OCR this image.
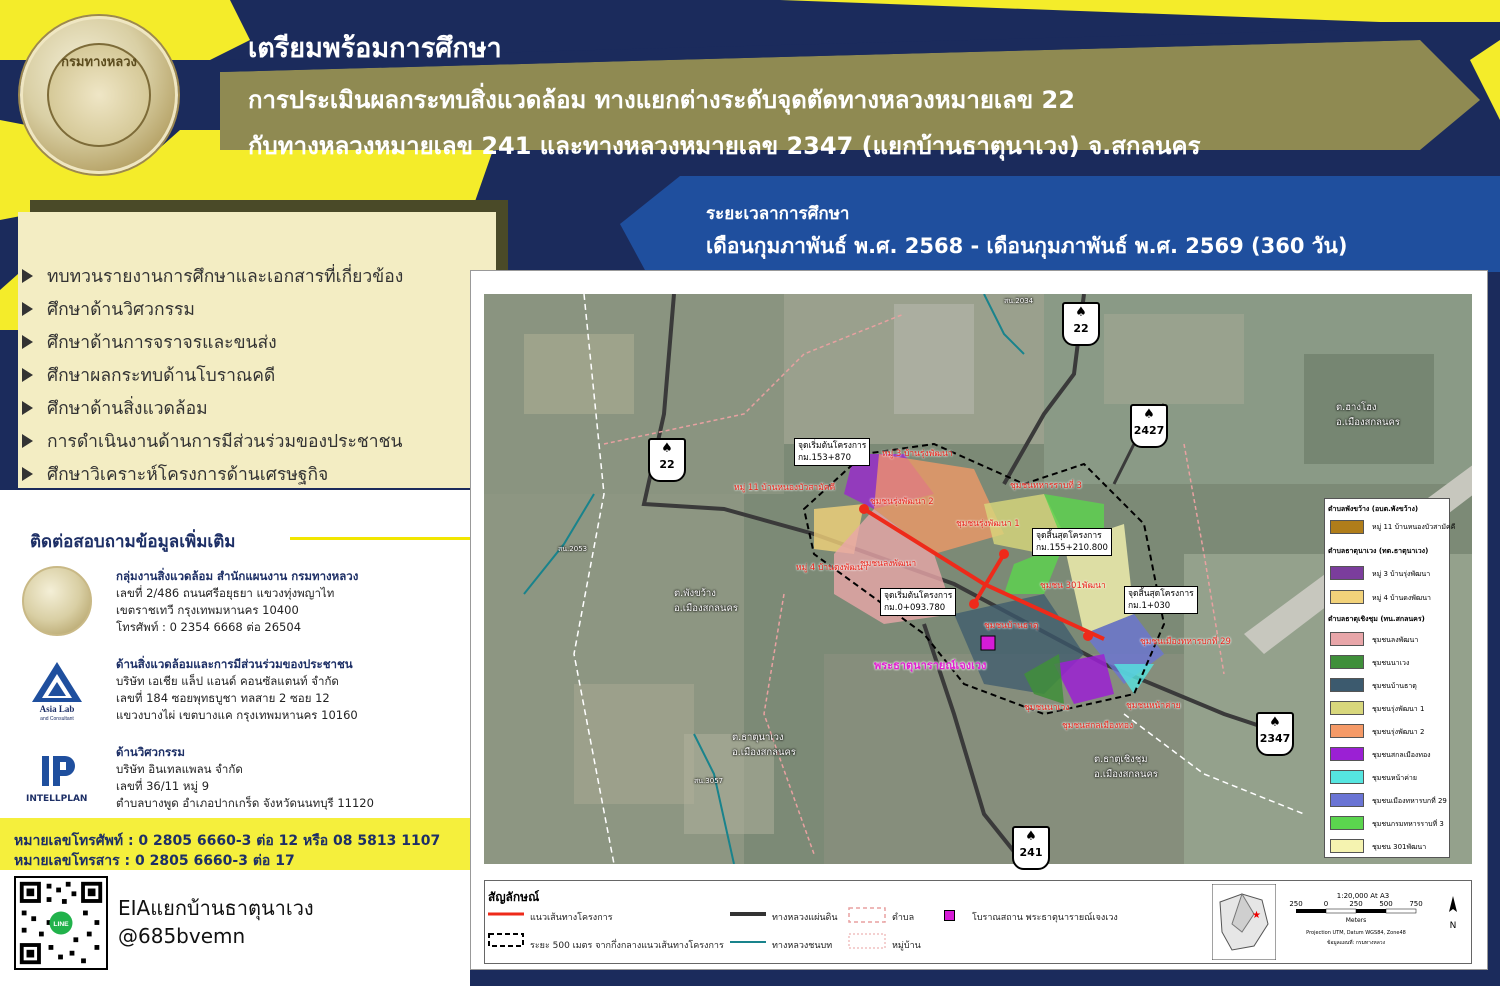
กรมทางหลวง	เตรียมพร้อมการศึกษา
การประเมินผลกระทบสิ่งแวดล้อม ทางแยกต่างระดับจุดตัดทางหลวงหมายเลข 22
กับทางหลวงหมายเลข 241 และทางหลวงหมายเลข 2347 (แยกบ้านธาตุนาเวง) จ.สกลนคร
ระยะเวลาการศึกษา
เดือนกุมภาพันธ์ พ.ศ. 2568 - เดือนกุมภาพันธ์ พ.ศ. 2569 (360 วัน)
ทบทวนรายงานการศึกษาและเอกสารที่เกี่ยวข้อง
ศึกษาด้านวิศวกรรม
ศึกษาด้านการจราจรและขนส่ง
ศึกษาผลกระทบด้านโบราณคดี
ศึกษาด้านสิ่งแวดล้อม
การดำเนินงานด้านการมีส่วนร่วมของประชาชน
ศึกษาวิเคราะห์โครงการด้านเศรษฐกิจ
ติดต่อสอบถามข้อมูลเพิ่มเติม
กลุ่มงานสิ่งแวดล้อม สำนักแผนงาน กรมทางหลวง
เลขที่ 2/486 ถนนศรีอยุธยา แขวงทุ่งพญาไท
เขตราชเทวี กรุงเทพมหานคร 10400
โทรศัพท์ : 0 2354 6668 ต่อ 26504
Asia Lab
and Consultant
ด้านสิ่งแวดล้อมและการมีส่วนร่วมของประชาชน
บริษัท เอเชีย แล็ป แอนด์ คอนซัลแตนท์ จำกัด
เลขที่ 184 ซอยพุทธบูชา ทลสาย 2 ซอย 12
แขวงบางไผ่ เขตบางแค กรุงเทพมหานคร 10160
INTELLPLAN
ด้านวิศวกรรม
บริษัท อินเทลแพลน จำกัด
เลขที่ 36/11 หมู่ 9
ตำบลบางพูด อำเภอปากเกร็ด จังหวัดนนทบุรี 11120
หมายเลขโทรศัพท์ : 0 2805 6660-3 ต่อ 12 หรือ 08 5813 1107
หมายเลขโทรสาร : 0 2805 6660-3 ต่อ 17
LINE
EIAแยกบ้านธาตุนาเวง
@685bvemn
♠
22
♠
22
♠
2427
♠
2347
♠
241
จุดเริ่มต้นโครงการ
กม.153+870
จุดสิ้นสุดโครงการ
กม.155+210.800
จุดเริ่มต้นโครงการ
กม.0+093.780
จุดสิ้นสุดโครงการ
กม.1+030
ต.พังขว้าง
อ.เมืองสกลนคร
ต.ธาตุนาเวง
อ.เมืองสกลนคร
ต.ธาตุเชิงชุม
อ.เมืองสกลนคร
ต.ฮางโฮง
อ.เมืองสกลนคร
หมู่ 11 บ้านหนองบัวสามัคคี
ชุมชนรุ่งพัฒนา 2
ชุมชนรุ่งพัฒนา 1
ชุมชนทหารราบที่ 3
ชุมชนลงพัฒนา
ชุมชน 301พัฒนา
ชุมชนบ้านธาตุ
ชุมชนเมืองทหารบกที่ 29
ชุมชนนาเวง
ชุมชนสกลเมืองทอง
ชุมชนหน้าค่าย
หมู่ 4 บ้านดงพัฒนา
หมู่ 3 บ้านรุ่งพัฒนา
สน.2034
สน.2053
สน.3057
พระธาตุนารายณ์เจงเวง
ตำบลพังขว้าง (อบต.พังขว้าง)
หมู่ 11 บ้านหนองบัวสามัคคี
ตำบลธาตุนาเวง (ทต.ธาตุนาเวง)
หมู่ 3 บ้านรุ่งพัฒนา
หมู่ 4 บ้านดงพัฒนา
ตำบลธาตุเชิงชุม (ทน.สกลนคร)
ชุมชนลงพัฒนา
ชุมชนนาเวง
ชุมชนบ้านธาตุ
ชุมชนรุ่งพัฒนา 1
ชุมชนรุ่งพัฒนา 2
ชุมชนสกลเมืองทอง
ชุมชนหน้าค่าย
ชุมชนเมืองทหารบกที่ 29
ชุมชนกรมทหารราบที่ 3
ชุมชน 301พัฒนา
สัญลักษณ์
แนวเส้นทางโครงการ
ระยะ 500 เมตร จากกึ่งกลางแนวเส้นทางโครงการ
ทางหลวงแผ่นดิน
ทางหลวงชนบท
ตำบล
หมู่บ้าน
โบราณสถาน พระธาตุนารายณ์เจงเวง	★
1:20,000 At A3
250	0	250 500 750
Meters
Projection UTM, Datum WGS84, Zone48
ข้อมูลแผนที่: กรมทางหลวง
N
